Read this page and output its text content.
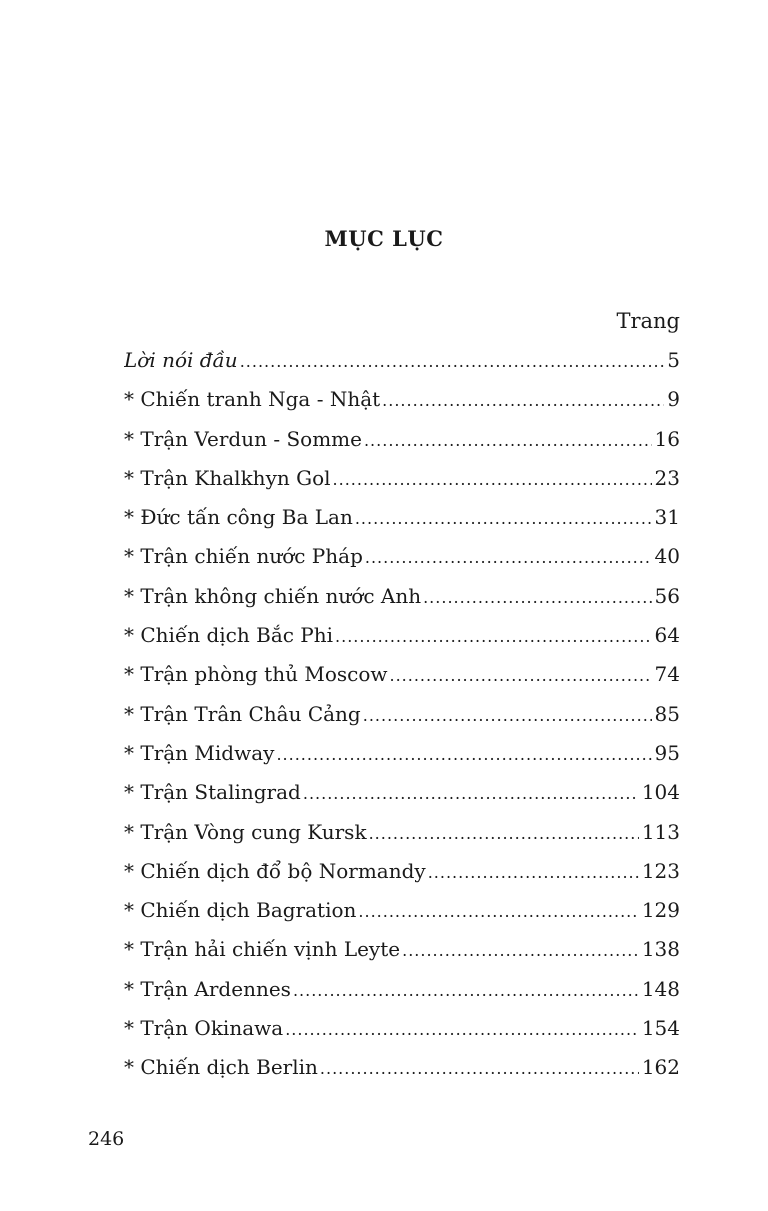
MỤC LỤC
Trang
Lời nói đầu .....	5
* Chiến tranh Nga - Nhật .....	9
* Trận Verdun - Somme .....	16
* Trận Khalkhyn Gol .....	23
* Đức tấn công Ba Lan .....	31
* Trận chiến nước Pháp .....	40
* Trận không chiến nước Anh .....	56
* Chiến dịch Bắc Phi .....	64
* Trận phòng thủ Moscow .....	74
* Trận Trân Châu Cảng .....	85
* Trận Midway .....	95
* Trận Stalingrad .....	104
* Trận Vòng cung Kursk .....	113
* Chiến dịch đổ bộ Normandy .....	123
* Chiến dịch Bagration .....	129
* Trận hải chiến vịnh Leyte .....	138
* Trận Ardennes .....	148
* Trận Okinawa .....	154
* Chiến dịch Berlin .....	162
246
